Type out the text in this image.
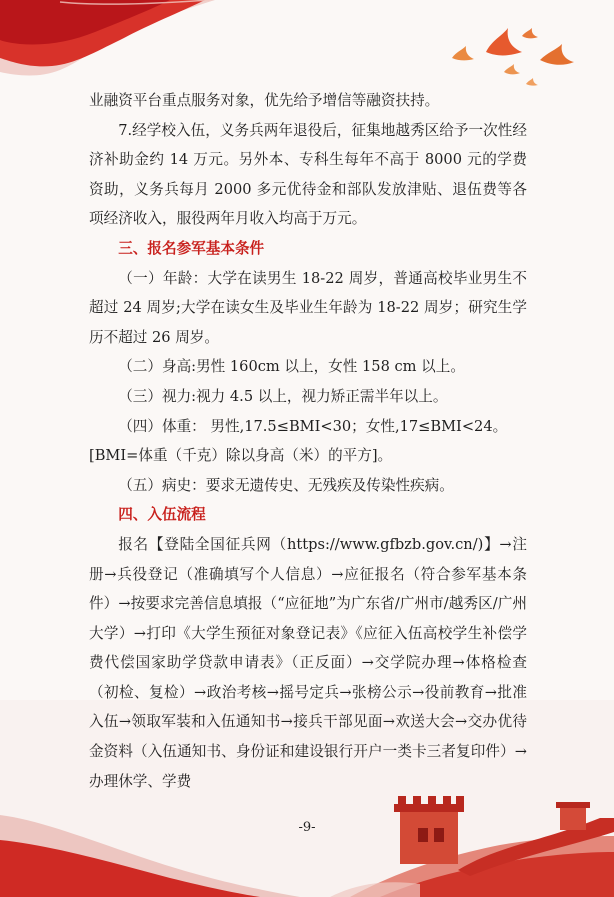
业融资平台重点服务对象，优先给予增信等融资扶持。

7.经学校入伍，义务兵两年退役后，征集地越秀区给予一次性经济补助金约 14 万元。另外本、专科生每年不高于 8000 元的学费资助，义务兵每月 2000 多元优待金和部队发放津贴、退伍费等各项经济收入，服役两年月收入均高于万元。

三、报名参军基本条件

（一）年龄：大学在读男生 18-22 周岁，普通高校毕业男生不超过 24 周岁;大学在读女生及毕业生年龄为 18-22 周岁；研究生学历不超过 26 周岁。

（二）身高:男性 160cm 以上，女性 158 cm 以上。

（三）视力:视力 4.5 以上，视力矫正需半年以上。

（四）体重： 男性,17.5≤BMI<30；女性,17≤BMI<24。

[BMI=体重（千克）除以身高（米）的平方]。

（五）病史：要求无遗传史、无残疾及传染性疾病。

四、入伍流程

报名【登陆全国征兵网（https://www.gfbzb.gov.cn/)】→注册→兵役登记（准确填写个人信息）→应征报名（符合参军基本条件）→按要求完善信息填报（“应征地”为广东省/广州市/越秀区/广州大学）→打印《大学生预征对象登记表》《应征入伍高校学生补偿学费代偿国家助学贷款申请表》（正反面）→交学院办理→体格检查（初检、复检）→政治考核→摇号定兵→张榜公示→役前教育→批准入伍→领取军装和入伍通知书→接兵干部见面→欢送大会→交办优待金资料（入伍通知书、身份证和建设银行开户一类卡三者复印件）→办理休学、学费

-9-
